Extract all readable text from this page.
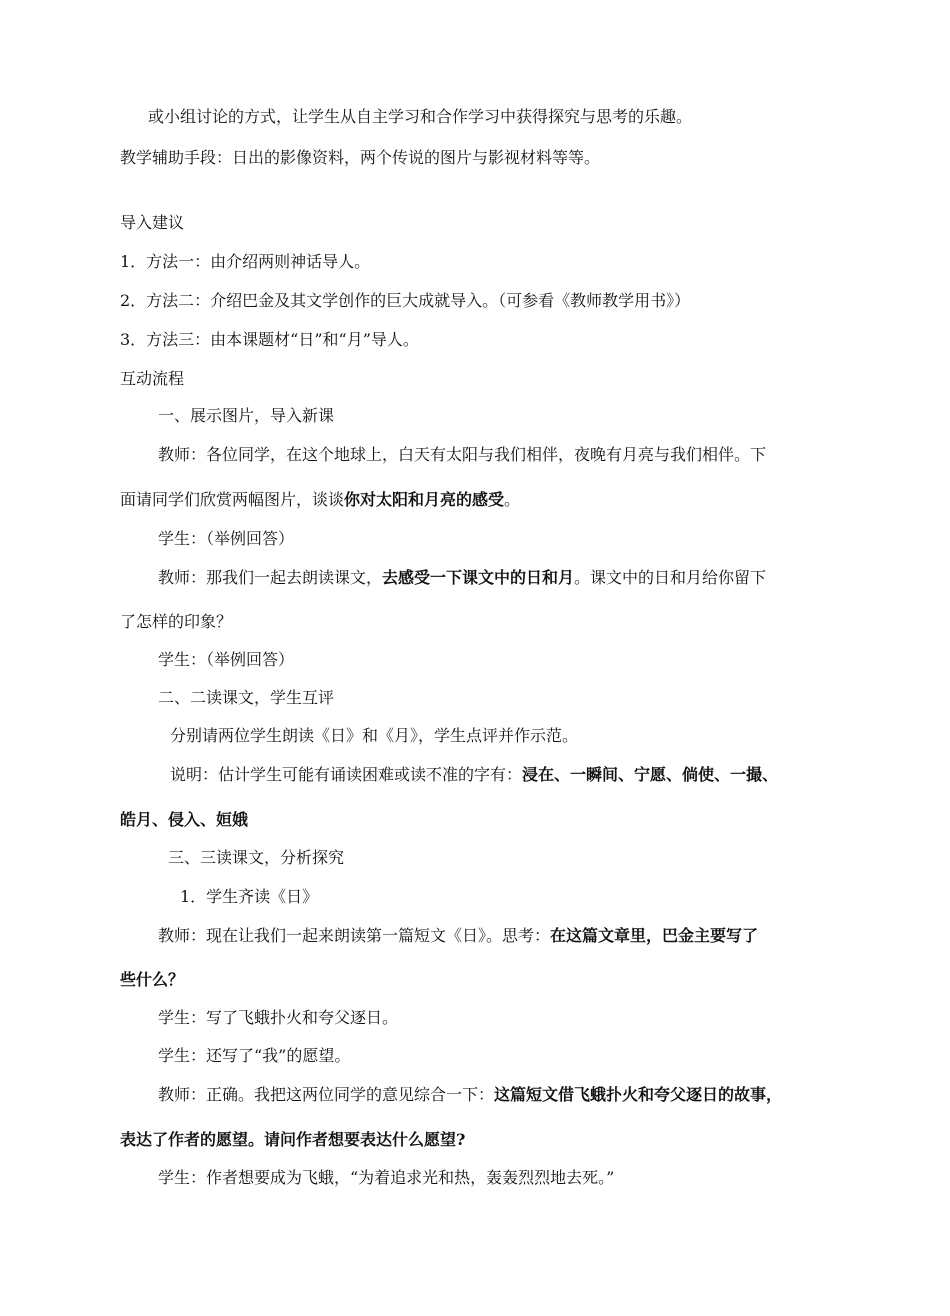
或小组讨论的方式，让学生从自主学习和合作学习中获得探究与思考的乐趣。
教学辅助手段：日出的影像资料，两个传说的图片与影视材料等等。
导入建议
1．方法一：由介绍两则神话导人。
2．方法二：介绍巴金及其文学创作的巨大成就导入。（可参看《教师教学用书》）
3．方法三：由本课题材“日”和“月”导人。
互动流程
一、展示图片，导入新课
教师：各位同学，在这个地球上，白天有太阳与我们相伴，夜晚有月亮与我们相伴。下
面请同学们欣赏两幅图片，谈谈你对太阳和月亮的感受。
学生：（举例回答）
教师：那我们一起去朗读课文，去感受一下课文中的日和月。课文中的日和月给你留下
了怎样的印象？
学生：（举例回答）
二、二读课文，学生互评
分别请两位学生朗读《日》和《月》，学生点评并作示范。
说明：估计学生可能有诵读困难或读不准的字有：浸在、一瞬间、宁愿、倘使、一撮、
皓月、侵入、姮娥
三、三读课文，分析探究
1．学生齐读《日》
教师：现在让我们一起来朗读第一篇短文《日》。思考：在这篇文章里，巴金主要写了
些什么？
学生：写了飞蛾扑火和夸父逐日。
学生：还写了“我”的愿望。
教师：正确。我把这两位同学的意见综合一下：这篇短文借飞蛾扑火和夸父逐日的故事，
表达了作者的愿望。请问作者想要表达什么愿望?
学生：作者想要成为飞蛾，“为着追求光和热，轰轰烈烈地去死。”
